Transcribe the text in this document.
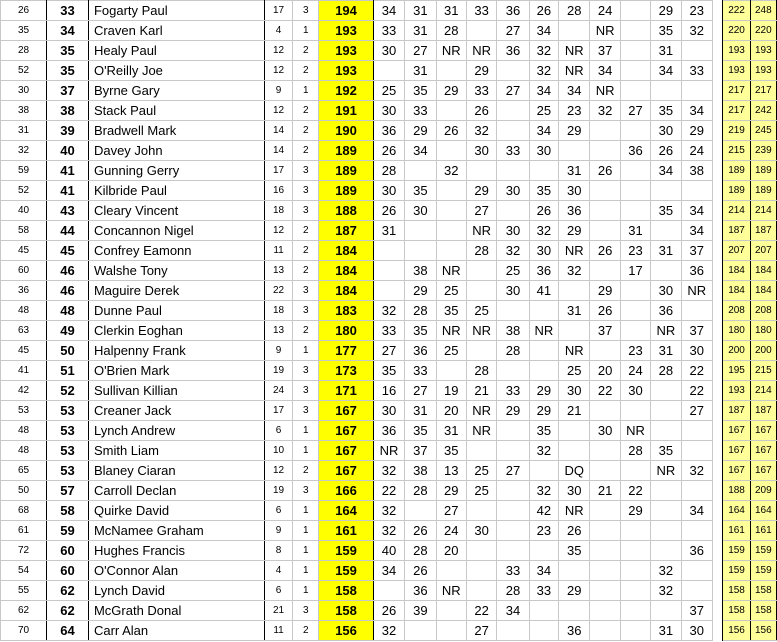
26	33	Fogarty Paul	17	3	194	34	31	31	33	36	26	28	24		29	23		222	248
35	34	Craven Karl	4	1	193	33	31	28		27	34		NR		35	32		220	220
28	35	Healy Paul	12	2	193	30	27	NR	NR	36	32	NR	37		31			193	193
52	35	O'Reilly Joe	12	2	193		31		29		32	NR	34		34	33		193	193
30	37	Byrne Gary	9	1	192	25	35	29	33	27	34	34	NR					217	217
38	38	Stack Paul	12	2	191	30	33		26		25	23	32	27	35	34		217	242
31	39	Bradwell Mark	14	2	190	36	29	26	32		34	29			30	29		219	245
32	40	Davey John	14	2	189	26	34		30	33	30			36	26	24		215	239
59	41	Gunning Gerry	17	3	189	28		32				31	26		34	38		189	189
52	41	Kilbride Paul	16	3	189	30	35		29	30	35	30						189	189
40	43	Cleary Vincent	18	3	188	26	30		27		26	36			35	34		214	214
58	44	Concannon Nigel	12	2	187	31			NR	30	32	29		31		34		187	187
45	45	Confrey Eamonn	11	2	184				28	32	30	NR	26	23	31	37		207	207
60	46	Walshe Tony	13	2	184		38	NR		25	36	32		17		36		184	184
36	46	Maguire Derek	22	3	184		29	25		30	41		29		30	NR		184	184
48	48	Dunne Paul	18	3	183	32	28	35	25			31	26		36			208	208
63	49	Clerkin Eoghan	13	2	180	33	35	NR	NR	38	NR		37		NR	37		180	180
45	50	Halpenny Frank	9	1	177	27	36	25		28		NR		23	31	30		200	200
41	51	O'Brien Mark	19	3	173	35	33		28			25	20	24	28	22		195	215
42	52	Sullivan Killian	24	3	171	16	27	19	21	33	29	30	22	30		22		193	214
53	53	Creaner Jack	17	3	167	30	31	20	NR	29	29	21				27		187	187
48	53	Lynch Andrew	6	1	167	36	35	31	NR		35		30	NR				167	167
48	53	Smith Liam	10	1	167	NR	37	35			32			28	35			167	167
65	53	Blaney Ciaran	12	2	167	32	38	13	25	27		DQ			NR	32		167	167
50	57	Carroll Declan	19	3	166	22	28	29	25		32	30	21	22				188	209
68	58	Quirke David	6	1	164	32		27			42	NR		29		34		164	164
61	59	McNamee Graham	9	1	161	32	26	24	30		23	26						161	161
72	60	Hughes Francis	8	1	159	40	28	20				35				36		159	159
54	60	O'Connor Alan	4	1	159	34	26			33	34				32			159	159
55	62	Lynch David	6	1	158		36	NR		28	33	29			32			158	158
62	62	McGrath Donal	21	3	158	26	39		22	34						37		158	158
70	64	Carr Alan	11	2	156	32			27			36			31	30		156	156
